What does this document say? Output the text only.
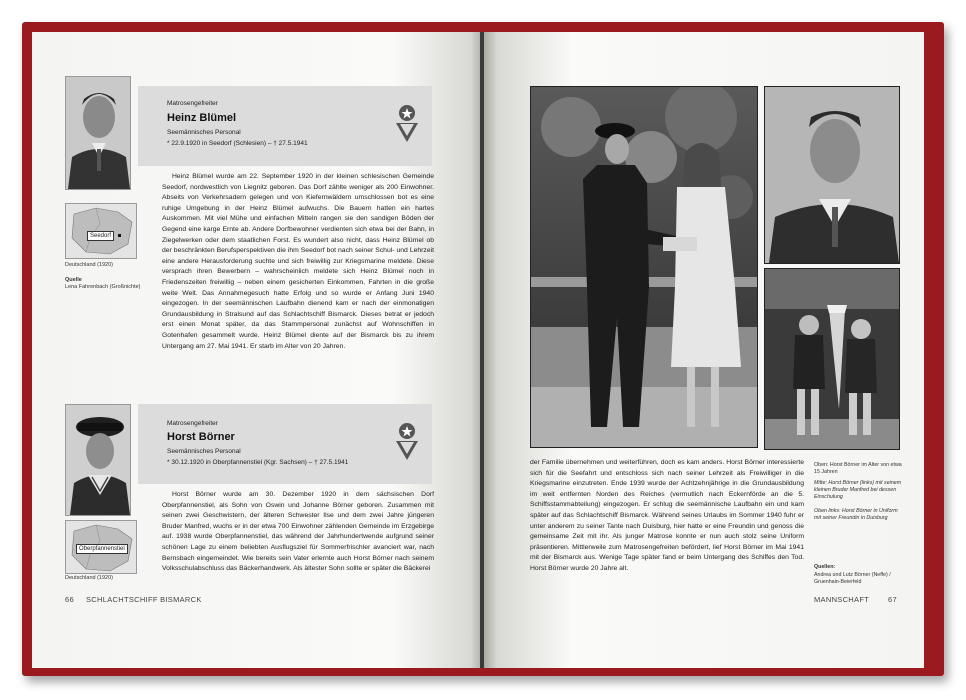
Matrosengefreiter
Heinz Blümel
Seemännisches Personal
* 22.9.1920 in Seedorf (Schlesien) – † 27.5.1941
Seedorf
Deutschland (1920)
Quelle
Lena Fahrenbach (Großnichte)

Heinz Blümel wurde am 22. September 1920 in der kleinen schlesischen Gemeinde Seedorf, nordwestlich von Liegnitz geboren. Das Dorf zählte weniger als 200 Einwohner. Abseits von Verkehrsadern gelegen und von Kiefernwäldern umschlossen bot es eine ruhige Umgebung in der Heinz Blümel aufwuchs. Die Bauern hatten ein hartes Auskommen. Mit viel Mühe und einfachen Mitteln rangen sie den sandigen Böden der Gegend eine karge Ernte ab. Andere Dorfbewohner verdienten sich etwa bei der Bahn, in Ziegelwerken oder dem staatlichen Forst. Es wundert also nicht, dass Heinz Blümel ob der beschränkten Berufsperspektiven die ihm Seedorf bot nach seiner Schul- und Lehrzeit eine andere Herausforderung suchte und sich freiwillig zur Kriegsmarine meldete. Diese versprach ihren Bewerbern – wahrscheinlich meldete sich Heinz Blümel noch in Friedenszeiten freiwillig – neben einem gesicherten Einkommen, Fahrten in die große weite Welt. Das Annahmegesuch hatte Erfolg und so wurde er Anfang Juni 1940 eingezogen. In der seemännischen Laufbahn dienend kam er nach der einmonatigen Grundausbildung in Stralsund auf das Schlachtschiff Bismarck. Dieses betrat er jedoch erst einen Monat später, da das Stammpersonal zunächst auf Wohnschiffen in Gotenhafen gesammelt wurde. Heinz Blümel diente auf der Bismarck bis zu ihrem Untergang am 27. Mai 1941. Er starb im Alter von 20 Jahren.

Matrosengefreiter
Horst Börner
Seemännisches Personal
* 30.12.1920 in Oberpfannenstiel (Kgr. Sachsen) – † 27.5.1941
Oberpfannenstiel
Deutschland (1920)

Horst Börner wurde am 30. Dezember 1920 in dem sächsischen Dorf Oberpfannenstiel, als Sohn von Oswin und Johanne Börner geboren. Zusammen mit seinen zwei Geschwistern, der älteren Schwester Ilse und dem zwei Jahre jüngeren Bruder Manfred, wuchs er in der etwa 700 Einwohner zählenden Gemeinde im Erzgebirge auf. 1938 wurde Oberpfannenstiel, das während der Jahrhundertwende aufgrund seiner schönen Lage zu einem beliebten Ausflugsziel für Sommerfrischler avanciert war, nach Bernsbach eingemeindet. Wie bereits sein Vater erlernte auch Horst Börner nach seinem Volksschulabschluss das Bäckerhandwerk. Als ältester Sohn sollte er später die Bäckerei

66 SCHLACHTSCHIFF BISMARCK
Oben: Horst Börner im Alter von etwa 15 Jahren
Mitte: Horst Börner (links) mit seinem kleinen Bruder Manfred bei dessen Einschulung
Oben links: Horst Börner in Uniform mit seiner Freundin in Duisburg
Quellen:
Andrea und Lutz Börner (Neffe) / Gruenhain-Beierfeld

der Familie übernehmen und weiterführen, doch es kam anders. Horst Börner interessierte sich für die Seefahrt und entschloss sich nach seiner Lehrzeit als Freiwilliger in die Kriegsmarine einzutreten. Ende 1939 wurde der Achtzehnjährige in die Grundausbildung im weit entfernten Norden des Reiches (vermutlich nach Eckernförde an die 5. Schiffsstammabteilung) eingezogen. Er schlug die seemännische Laufbahn ein und kam später auf das Schlachtschiff Bismarck. Während seines Urlaubs im Sommer 1940 fuhr er unter anderem zu seiner Tante nach Duisburg, hier hatte er eine Freundin und genoss die gemeinsame Zeit mit ihr. Als junger Matrose konnte er nun auch stolz seine Uniform präsentieren. Mittlerweile zum Matrosengefreiten befördert, lief Horst Börner im Mai 1941 mit der Bismarck aus. Wenige Tage später fand er beim Untergang des Schiffes den Tod. Horst Börner wurde 20 Jahre alt.

MANNSCHAFT	67
